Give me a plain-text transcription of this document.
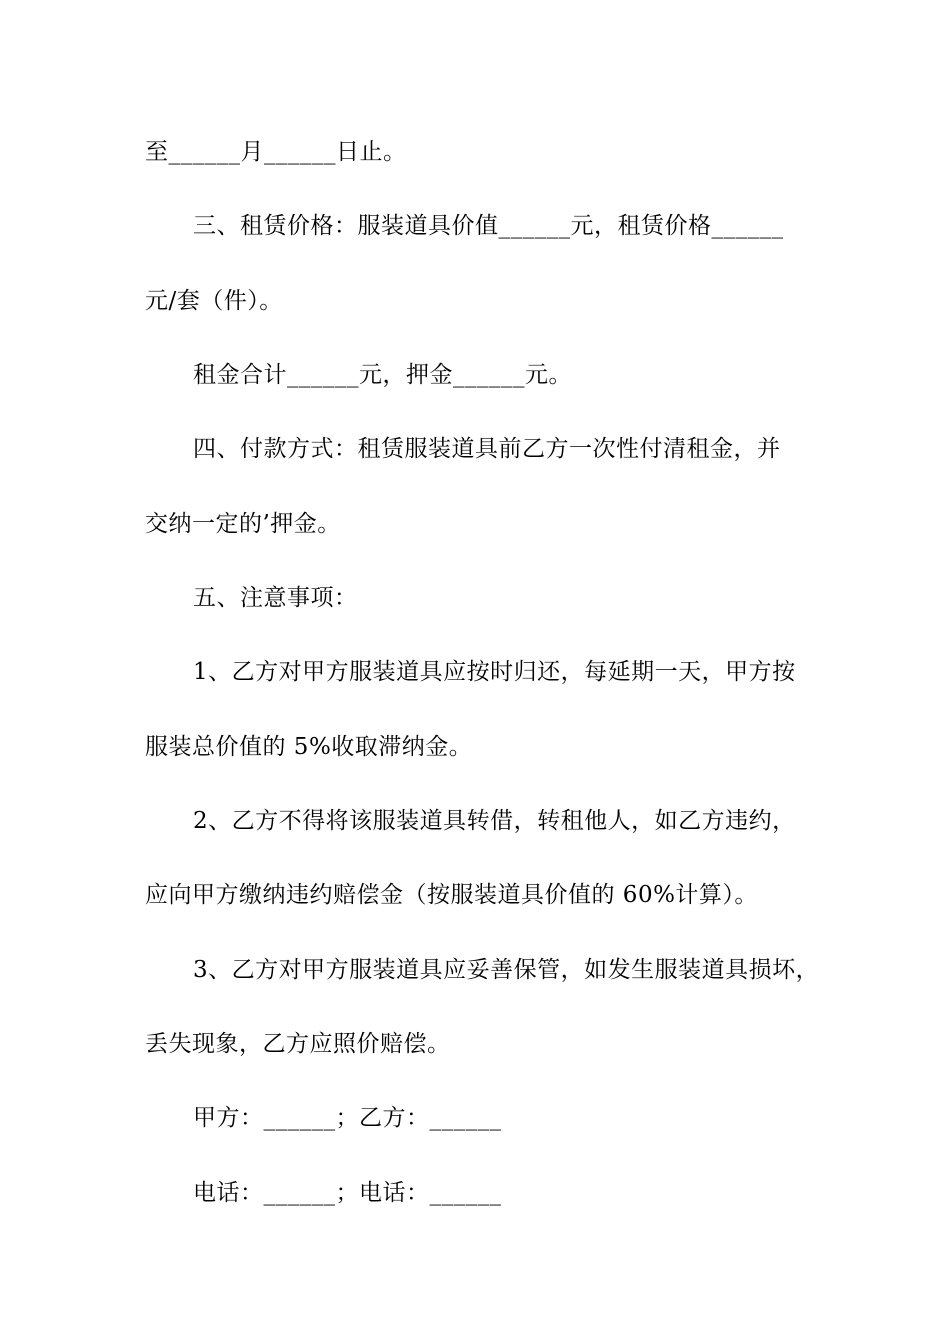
至______月______日止。
三、租赁价格：服装道具价值______元，租赁价格______
元/套（件）。
租金合计______元，押金______元。
四、付款方式：租赁服装道具前乙方一次性付清租金，并
交纳一定的’押金。
五、注意事项：
1、乙方对甲方服装道具应按时归还，每延期一天，甲方按
服装总价值的 5%收取滞纳金。
2、乙方不得将该服装道具转借，转租他人，如乙方违约，
应向甲方缴纳违约赔偿金（按服装道具价值的 60%计算）。
3、乙方对甲方服装道具应妥善保管，如发生服装道具损坏，
丢失现象，乙方应照价赔偿。
甲方：______；乙方：______
电话：______；电话：______
